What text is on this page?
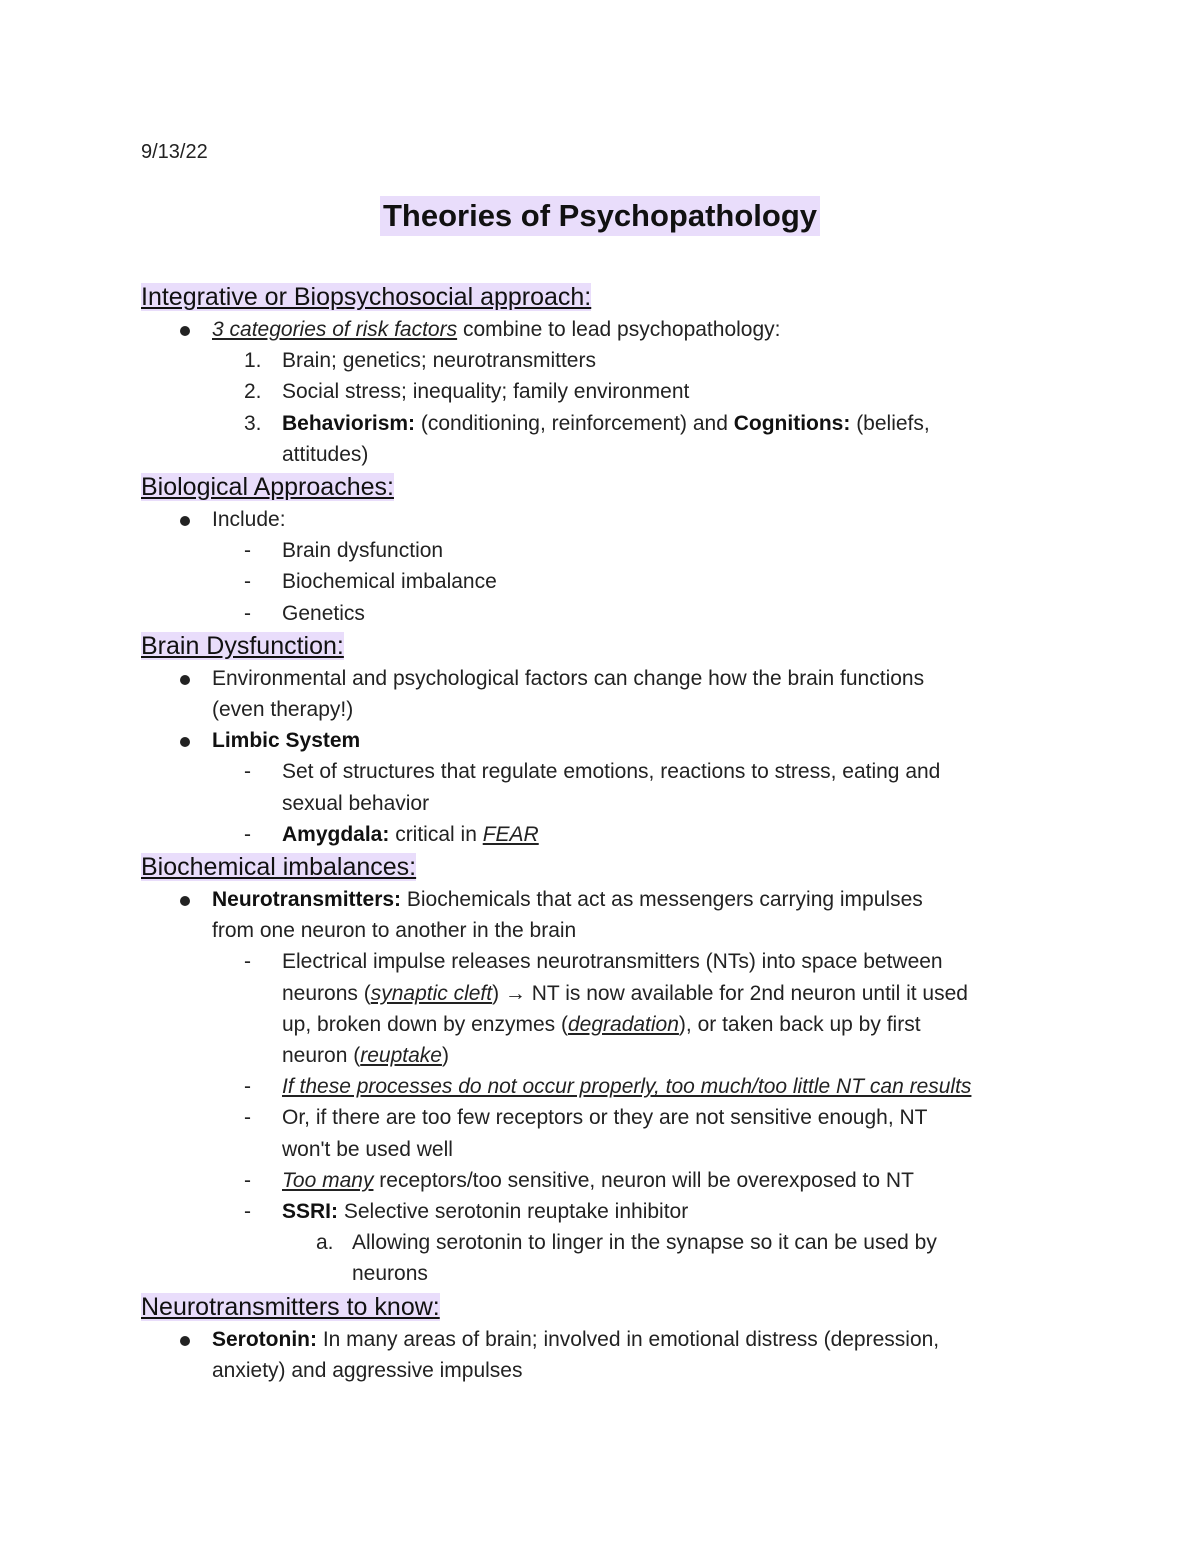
9/13/22
Theories of Psychopathology
Integrative or Biopsychosocial approach:
3 categories of risk factors combine to lead psychopathology:
1. Brain; genetics; neurotransmitters
2. Social stress; inequality; family environment
3. Behaviorism: (conditioning, reinforcement) and Cognitions: (beliefs,
attitudes)
Biological Approaches:
Include:
- Brain dysfunction
- Biochemical imbalance
- Genetics
Brain Dysfunction:
Environmental and psychological factors can change how the brain functions
(even therapy!)
Limbic System
- Set of structures that regulate emotions, reactions to stress, eating and
sexual behavior
- Amygdala: critical in FEAR
Biochemical imbalances:
Neurotransmitters: Biochemicals that act as messengers carrying impulses
from one neuron to another in the brain
- Electrical impulse releases neurotransmitters (NTs) into space between
neurons (synaptic cleft) → NT is now available for 2nd neuron until it used
up, broken down by enzymes (degradation), or taken back up by first
neuron (reuptake)
- If these processes do not occur properly, too much/too little NT can results
- Or, if there are too few receptors or they are not sensitive enough, NT
won't be used well
- Too many receptors/too sensitive, neuron will be overexposed to NT
- SSRI: Selective serotonin reuptake inhibitor
a. Allowing serotonin to linger in the synapse so it can be used by
neurons
Neurotransmitters to know:
Serotonin: In many areas of brain; involved in emotional distress (depression,
anxiety) and aggressive impulses
